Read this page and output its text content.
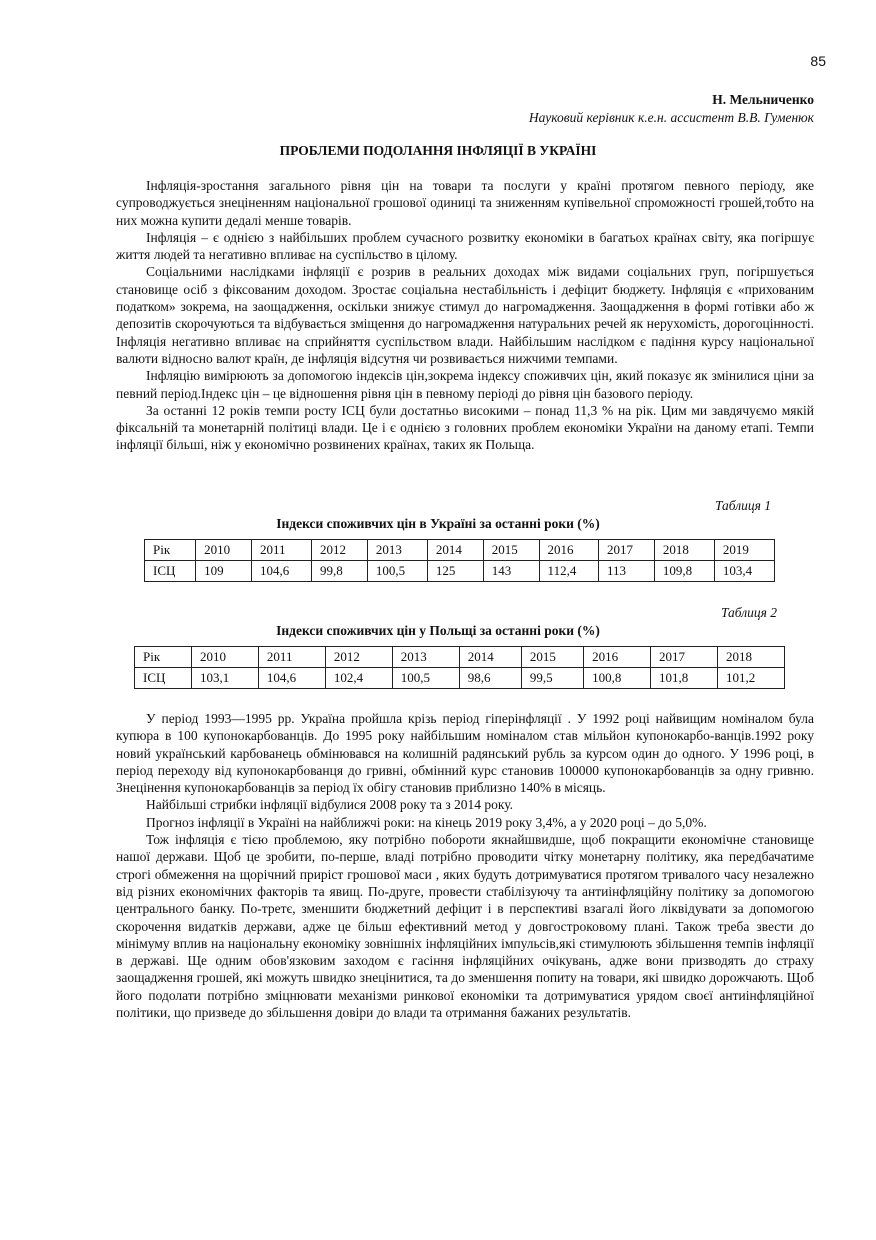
85
Н. Мельниченко
Науковий керівник к.е.н. ассистент В.В. Гуменюк
ПРОБЛЕМИ ПОДОЛАННЯ ІНФЛЯЦІЇ В УКРАЇНІ

Інфляція-зростання загального рівня цін на товари та послуги у країні протягом певного періоду, яке супроводжується знеціненням національної грошової одиниці та зниженням купівельної спроможності грошей,тобто на них можна купити дедалі менше товарів.

Інфляція – є однією з найбільших проблем сучасного розвитку економіки в багатьох країнах світу, яка погіршує життя людей та негативно впливає на суспільство в цілому.

Соціальними наслідками інфляції є розрив в реальних доходах між видами соціальних груп, погіршується становище осіб з фіксованим доходом. Зростає соціальна нестабільність і дефіцит бюджету. Інфляція є «прихованим податком» зокрема, на заощадження, оскільки знижує стимул до нагромадження. Заощадження в формі готівки або ж депозитів скорочуються та відбувається зміщення до нагромадження натуральних речей як нерухомість, дорогоцінності. Інфляція негативно впливає на сприйняття суспільством влади. Найбільшим наслідком є падіння курсу національної валюти відносно валют країн, де інфляція відсутня чи розвивається нижчими темпами.

Інфляцію вимірюють за допомогою індексів цін,зокрема індексу споживчих цін, який показує як змінилися ціни за певний період.Індекс цін – це відношення рівня цін в певному періоді до рівня цін базового періоду.

За останні 12 років темпи росту ІСЦ були достатньо високими – понад 11,3 % на рік. Цим ми завдячуємо мякій фіксальній та монетарній політиці влади. Це і є однією з головних проблем економіки України на даному етапі. Темпи інфляції більші, ніж у економічно розвинених країнах, таких як Польща.

Таблиця 1
Індекси споживчих цін в Україні за останні роки (%)
Рік	2010	2011	2012	2013	2014	2015	2016	2017	2018	2019
ІСЦ	109	104,6	99,8	100,5	125	143	112,4	113	109,8	103,4
Таблиця 2
Індекси споживчих цін у Польщі за останні роки (%)
Рік	2010	2011	2012	2013	2014	2015	2016	2017	2018
ІСЦ	103,1	104,6	102,4	100,5	98,6	99,5	100,8	101,8	101,2

У період 1993—1995 рр. Україна пройшла крізь період гіперінфляції . У 1992 році найвищим номіналом була купюра в 100 купонокарбованців. До 1995 року найбільшим номіналом став мільйон купонокарбо-ванців.1992 року новий український карбованець обмінювався на колишній радянський рубль за курсом один до одного. У 1996 році, в період переходу від купонокарбованця до гривні, обмінний курс становив 100000 купонокарбованців за одну гривню. Знецінення купонокарбованців за період їх обігу становив приблизно 140% в місяць.

Найбільші стрибки інфляції відбулися 2008 року та з 2014 року.

Прогноз інфляції в Україні на найближчі роки: на кінець 2019 року 3,4%, а у 2020 році – до 5,0%.

Тож інфляція є тією проблемою, яку потрібно побороти якнайшвидше, щоб покращити економічне становище нашої держави. Щоб це зробити, по-перше, владі потрібно проводити чітку монетарну політику, яка передбачатиме строгі обмеження на щорічний приріст грошової маси , яких будуть дотримуватися протягом тривалого часу незалежно від різних економічних факторів та явищ. По-друге, провести стабілізуючу та антиінфляційну політику за допомогою центрального банку. По-третє, зменшити бюджетний дефіцит і в перспективі взагалі його ліквідувати за допомогою скорочення видатків держави, адже це більш ефективний метод у довгостроковому плані. Також треба звести до мінімуму вплив на національну економіку зовнішніх інфляційних імпульсів,які стимулюють збільшення темпів інфляції в державі. Ще одним обов'язковим заходом є гасіння інфляційних очікувань, адже вони призводять до страху заощадження грошей, які можуть швидко знецінитися, та до зменшення попиту на товари, які швидко дорожчають. Щоб його подолати потрібно зміцнювати механізми ринкової економіки та дотримуватися урядом своєї антиінфляційної політики, що призведе до збільшення довіри до влади та отримання бажаних результатів.
